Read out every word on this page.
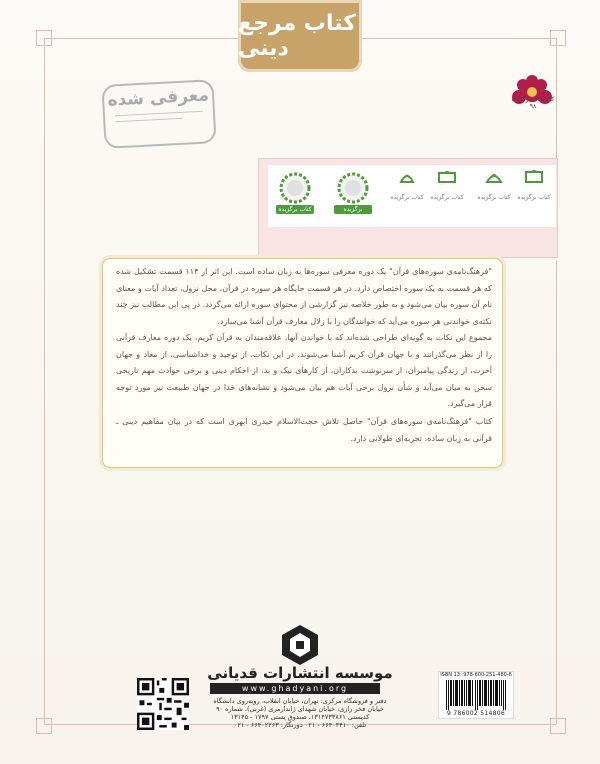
کتاب مرجع دینی
معرفی شده	کتاب‌های برگزیده ۹۸
کتاب برگزیده
کتاب برگزیده
کتاب برگزیده
کتاب برگزیده
برگزیده
کتاب برگزیده
"فرهنگ‌نامه‌ی سوره‌های قرآن" یک دوره معرفی سوره‌ها به زبان ساده است. این اثر از ۱۱۴ قسمت تشکیل شده که هر قسمت به یک سوره اختصاص دارد. در هر قسمت جایگاه هر سوره در قرآن، محل نزول، تعداد آیات و معنای نام آن سوره بیان می‌شود و به طور خلاصه نیز گزارشی از محتوای سوره ارائه می‌گردد. در پی این مطالب نیز چند نکته‌ی خواندنی هر سوره می‌آید که خوانندگان را با زلال معارف قرآن آشنا می‌سازد.
مجموع این نکات به گونه‌ای طراحی شده‌اند که با خواندن آنها، علاقه‌مندان به قرآن کریم، یک دوره معارف قرآنی را از نظر می‌گذرانند و با جهان قرآن کریم آشنا می‌شوند. در این نکات، از توحید و خداشناسی، از معاد و جهان آخرت، از زندگی پیامبران، از سرنوشت بدکاران، از کارهای نیک و بد، از احکام دینی و برخی حوادث مهم تاریخی سخن به میان می‌آید و شأن نزول برخی آیات هم بیان می‌شود و نشانه‌های خدا در جهان طبیعت نیز مورد توجه قرار می‌گیرد.
کتاب "فرهنگ‌نامه‌ی سوره‌های قرآن" حاصل تلاش حجت‌الاسلام حیدری ابهری است که در بیان مفاهیم دینی ـ قرآنی به زبان ساده، تجربه‌ای طولانی دارد.
موسسه انتشارات قدیانی
www.ghadyani.org
دفتر و فروشگاه مرکزی: تهران، خیابان انقلاب، روبه‌روی دانشگاه
خیابان فخر رازی، خیابان شهدای ژاندارمری (غربی)، شماره ۹۰
کدپستی ۱۳۱۴۷۳۳۸۶۱، صندوق پستی ۱۷۹۷ - ۱۳۱۴۵
تلفن: ۶۶۴۰۴۴۱۰ - ۰۲۱ دورنگار: ۶۶۴۰۲۲۶۳ - ۰۲۱
ISBN 13: 978-600-251-480-6
9 786002 514806
